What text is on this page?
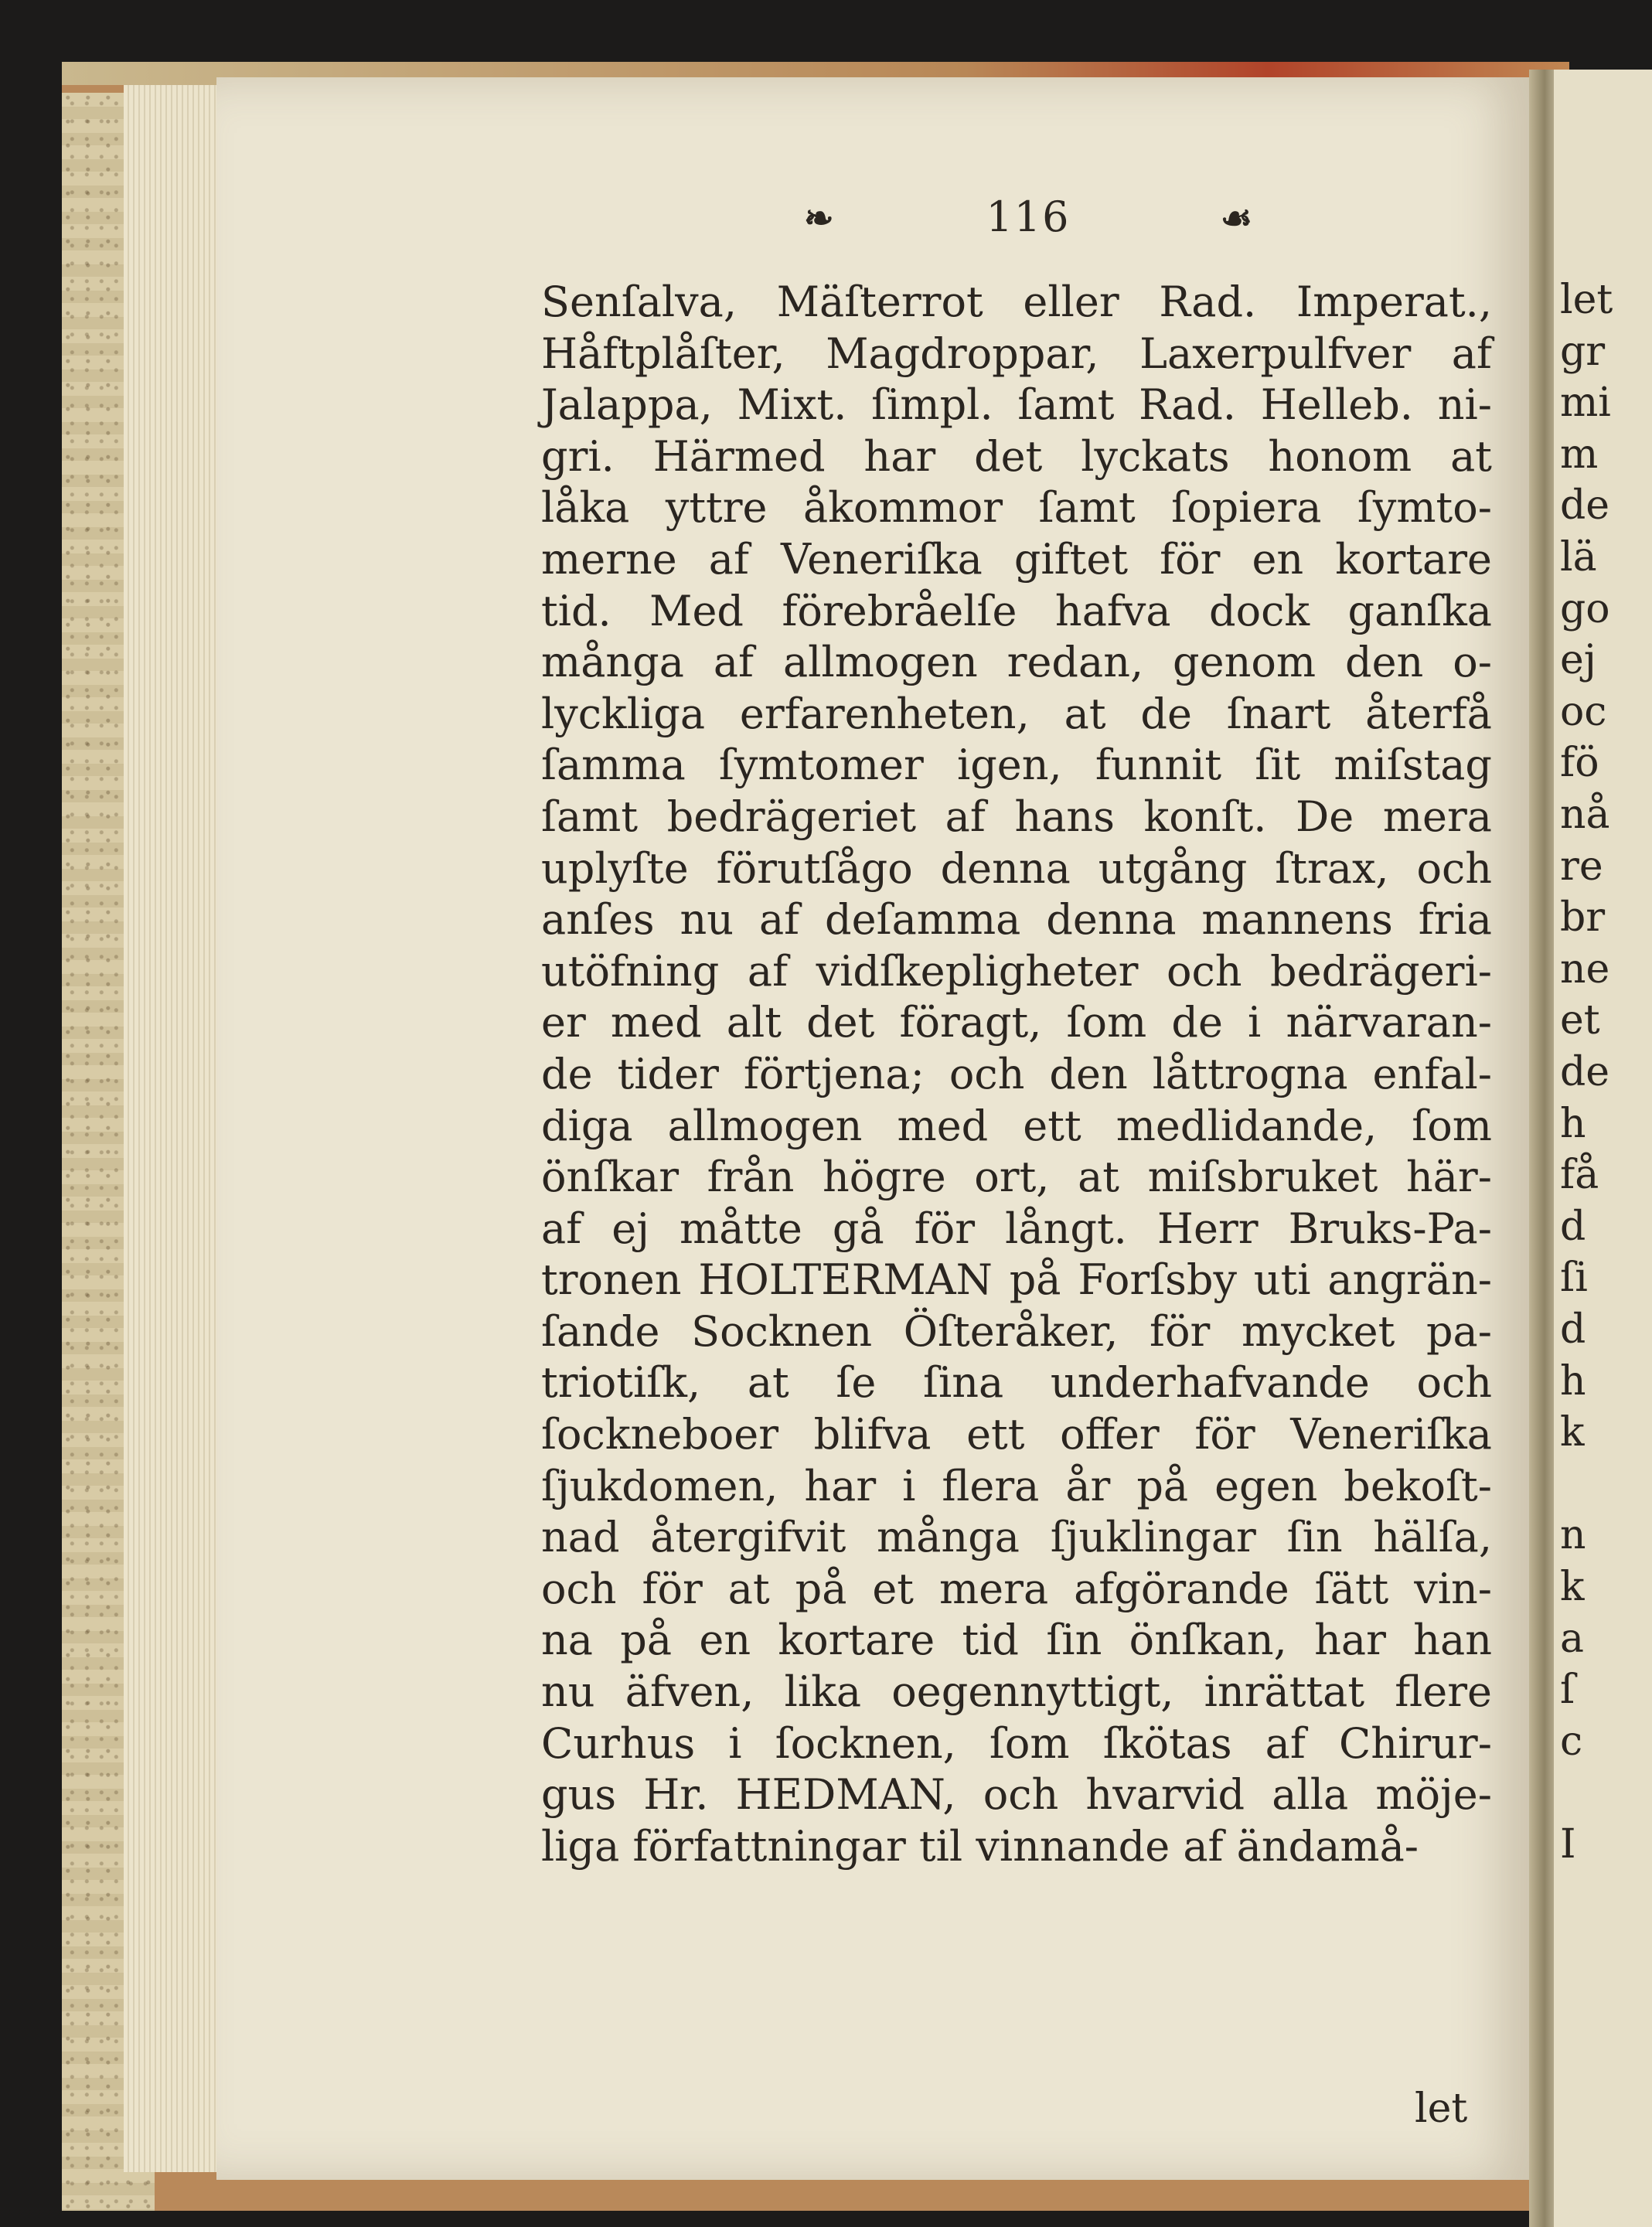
let
gr
mi
m
de
lä
go
ej
oc
fö
nå
re
br
ne
et
de
h
få
d
ſi
d
h
k
n
k
a
ſ
c
I
❧	116	☙
Senſalva, Mäſterrot eller Rad. Imperat.,
Håftplåſter, Magdroppar, Laxerpulfver af
Jalappa, Mixt. ſimpl. ſamt Rad. Helleb. ni-
gri. Härmed har det lyckats honom at
låka yttre åkommor ſamt ſopiera ſymto-
merne af Veneriſka giftet för en kortare
tid. Med förebråelſe hafva dock ganſka
många af allmogen redan, genom den o-
lyckliga erfarenheten, at de ſnart återfå
ſamma ſymtomer igen, funnit ſit miſstag
ſamt bedrägeriet af hans konſt. De mera
uplyſte förutſågo denna utgång ſtrax, och
anſes nu af deſamma denna mannens fria
utöfning af vidſkepligheter och bedrägeri-
er med alt det föragt, ſom de i närvaran-
de tider förtjena; och den låttrogna enfal-
diga allmogen med ett medlidande, ſom
önſkar från högre ort, at miſsbruket här-
af ej måtte gå för långt. Herr Bruks-Pa-
tronen HOLTERMAN på Forſsby uti angrän-
ſande Socknen Öſteråker, för mycket pa-
triotiſk, at ſe ſina underhafvande och
ſockneboer blifva ett offer för Veneriſka
ſjukdomen, har i flera år på egen bekoſt-
nad återgifvit många ſjuklingar ſin hälſa,
och för at på et mera afgörande ſätt vin-
na på en kortare tid ſin önſkan, har han
nu äfven, lika oegennyttigt, inrättat flere
Curhus i ſocknen, ſom ſkötas af Chirur-
gus Hr. HEDMAN, och hvarvid alla möje-
liga författningar til vinnande af ändamå-
let
